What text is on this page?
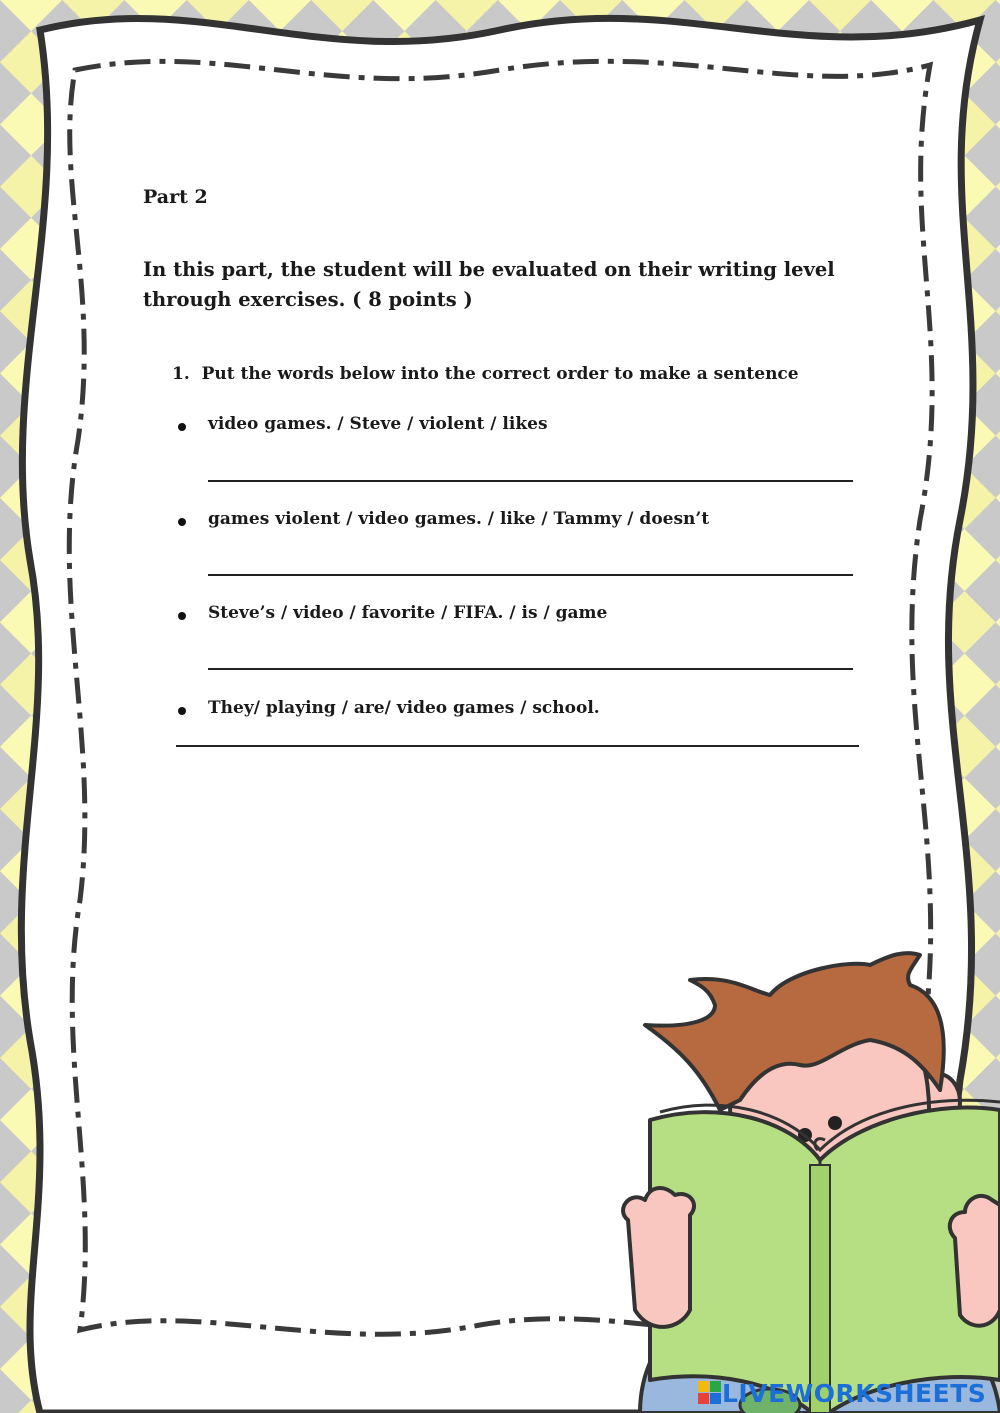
Part 2
In this part, the student will be evaluated on their writing level through exercises. ( 8 points )
1. Put the words below into the correct order to make a sentence
video games. / Steve / violent / likes
games violent / video games. / like / Tammy / doesn’t
Steve’s / video / favorite / FIFA. / is / game
They/ playing / are/ video games / school.
LIVEWORKSHEETS
